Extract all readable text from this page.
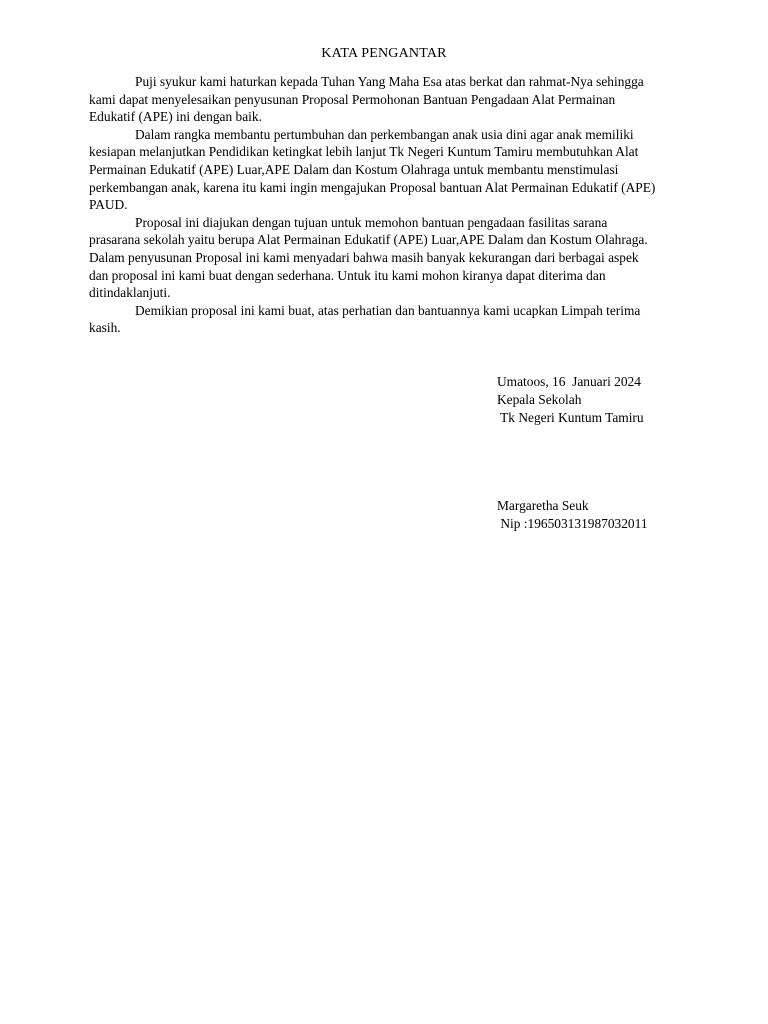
KATA PENGANTAR
Puji syukur kami haturkan kepada Tuhan Yang Maha Esa atas berkat dan rahmat-Nya sehingga
kami dapat menyelesaikan penyusunan Proposal Permohonan Bantuan Pengadaan Alat Permainan
Edukatif (APE) ini dengan baik.
Dalam rangka membantu pertumbuhan dan perkembangan anak usia dini agar anak memiliki
kesiapan melanjutkan Pendidikan ketingkat lebih lanjut Tk Negeri Kuntum Tamiru membutuhkan Alat
Permainan Edukatif (APE) Luar,APE Dalam dan Kostum Olahraga untuk membantu menstimulasi
perkembangan anak, karena itu kami ingin mengajukan Proposal bantuan Alat Permainan Edukatif (APE)
PAUD.
Proposal ini diajukan dengan tujuan untuk memohon bantuan pengadaan fasilitas sarana
prasarana sekolah yaitu berupa Alat Permainan Edukatif (APE) Luar,APE Dalam dan Kostum Olahraga.
Dalam penyusunan Proposal ini kami menyadari bahwa masih banyak kekurangan dari berbagai aspek
dan proposal ini kami buat dengan sederhana. Untuk itu kami mohon kiranya dapat diterima dan
ditindaklanjuti.
Demikian proposal ini kami buat, atas perhatian dan bantuannya kami ucapkan Limpah terima
kasih.
Umatoos, 16  Januari 2024
Kepala Sekolah
Tk Negeri Kuntum Tamiru
Margaretha Seuk
Nip :196503131987032011
